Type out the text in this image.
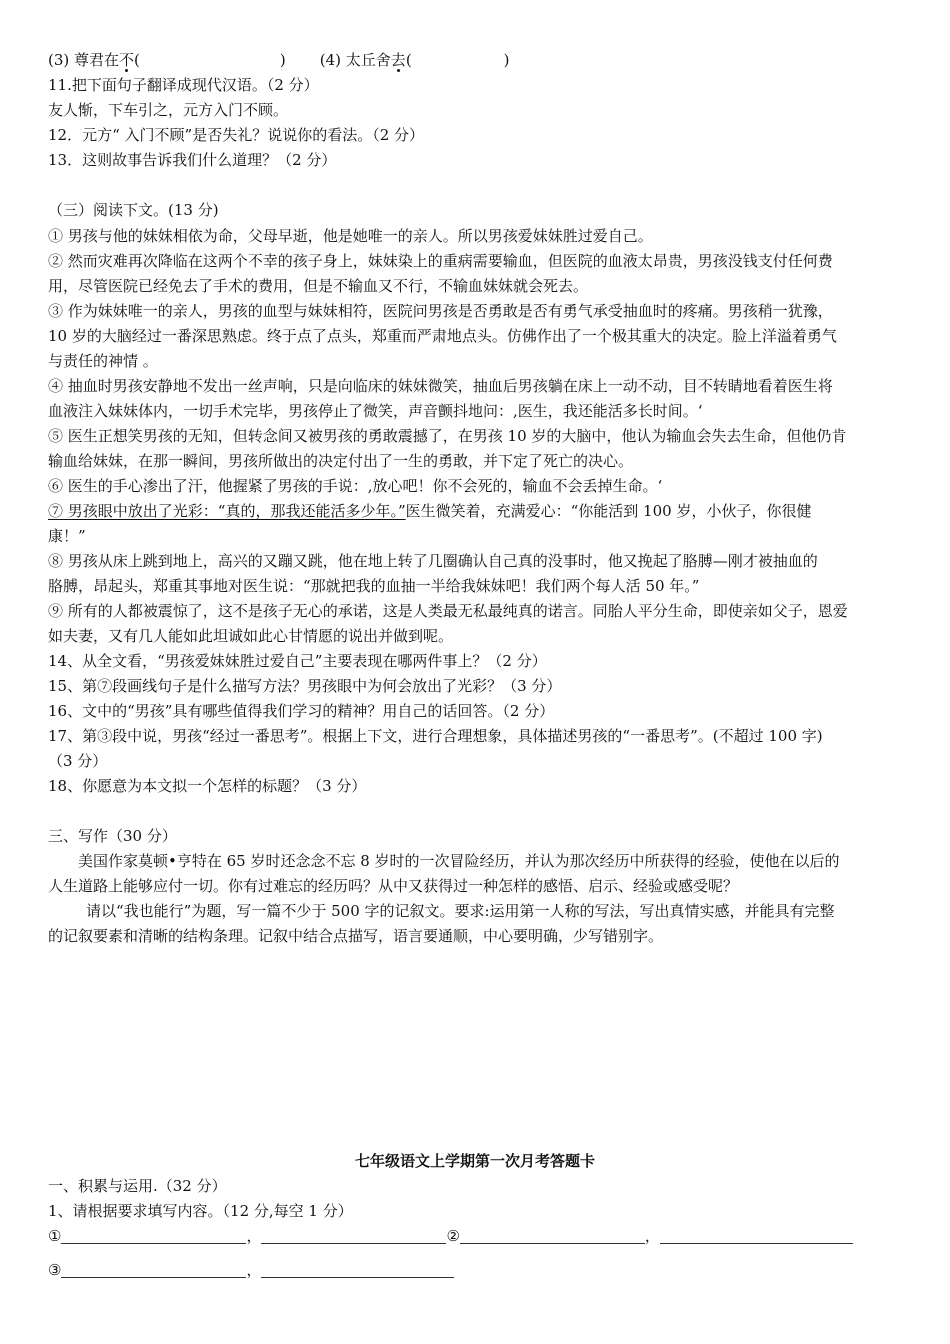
(3) 尊君在不(	) (4) 太丘舍去(	)
11.把下面句子翻译成现代汉语。（2 分）
友人惭，下车引之，元方入门不顾。
12．元方“ 入门不顾”是否失礼？说说你的看法。（2 分）
13．这则故事告诉我们什么道理？（2 分）
（三）阅读下文。(13 分)
① 男孩与他的妹妹相依为命，父母早逝，他是她唯一的亲人。所以男孩爱妹妹胜过爱自己。
② 然而灾难再次降临在这两个不幸的孩子身上，妹妹染上的重病需要输血，但医院的血液太昂贵，男孩没钱支付任何费
用，尽管医院已经免去了手术的费用，但是不输血又不行，不输血妹妹就会死去。
③ 作为妹妹唯一的亲人，男孩的血型与妹妹相符，医院问男孩是否勇敢是否有勇气承受抽血时的疼痛。男孩稍一犹豫，
10 岁的大脑经过一番深思熟虑。终于点了点头，郑重而严肃地点头。仿佛作出了一个极其重大的决定。脸上洋溢着勇气
与责任的神情 。
④ 抽血时男孩安静地不发出一丝声响，只是向临床的妹妹微笑，抽血后男孩躺在床上一动不动，目不转睛地看着医生将
血液注入妹妹体内，一切手术完毕，男孩停止了微笑，声音颤抖地问：,医生，我还能活多长时间。‘
⑤ 医生正想笑男孩的无知，但转念间又被男孩的勇敢震撼了，在男孩 10 岁的大脑中，他认为输血会失去生命，但他仍肯
输血给妹妹，在那一瞬间，男孩所做出的决定付出了一生的勇敢，并下定了死亡的决心。
⑥ 医生的手心渗出了汗，他握紧了男孩的手说：,放心吧！你不会死的，输血不会丢掉生命。‘
⑦ 男孩眼中放出了光彩：“真的，那我还能活多少年。”医生微笑着，充满爱心：“你能活到 100 岁，小伙子，你很健
康！”
⑧ 男孩从床上跳到地上，高兴的又蹦又跳，他在地上转了几圈确认自己真的没事时，他又挽起了胳膊—刚才被抽血的
胳膊，昂起头，郑重其事地对医生说：“那就把我的血抽一半给我妹妹吧！我们两个每人活 50 年。”
⑨ 所有的人都被震惊了，这不是孩子无心的承诺，这是人类最无私最纯真的诺言。同胎人平分生命，即使亲如父子，恩爱
如夫妻，又有几人能如此坦诚如此心甘情愿的说出并做到呢。
14、从全文看，“男孩爱妹妹胜过爱自己”主要表现在哪两件事上？（2 分）
15、第⑦段画线句子是什么描写方法？男孩眼中为何会放出了光彩？（3 分）
16、文中的“男孩”具有哪些值得我们学习的精神？用自己的话回答。（2 分）
17、第③段中说，男孩“经过一番思考”。根据上下文，进行合理想象，具体描述男孩的“一番思考”。(不超过 100 字)
（3 分）
18、你愿意为本文拟一个怎样的标题？（3 分）
三、写作（30 分）
美国作家莫顿•亨特在 65 岁时还念念不忘 8 岁时的一次冒险经历，并认为那次经历中所获得的经验，使他在以后的
人生道路上能够应付一切。你有过难忘的经历吗？从中又获得过一种怎样的感悟、启示、经验或感受呢？
请以“我也能行”为题，写一篇不少于 500 字的记叙文。要求:运用第一人称的写法，写出真情实感，并能具有完整
的记叙要素和清晰的结构条理。记叙中结合点描写，语言要通顺，中心要明确，少写错别字。
七年级语文上学期第一次月考答题卡
一、积累与运用.（32 分）
1、请根据要求填写内容。（12 分,每空 1 分）
①	，	②	，
③	，
